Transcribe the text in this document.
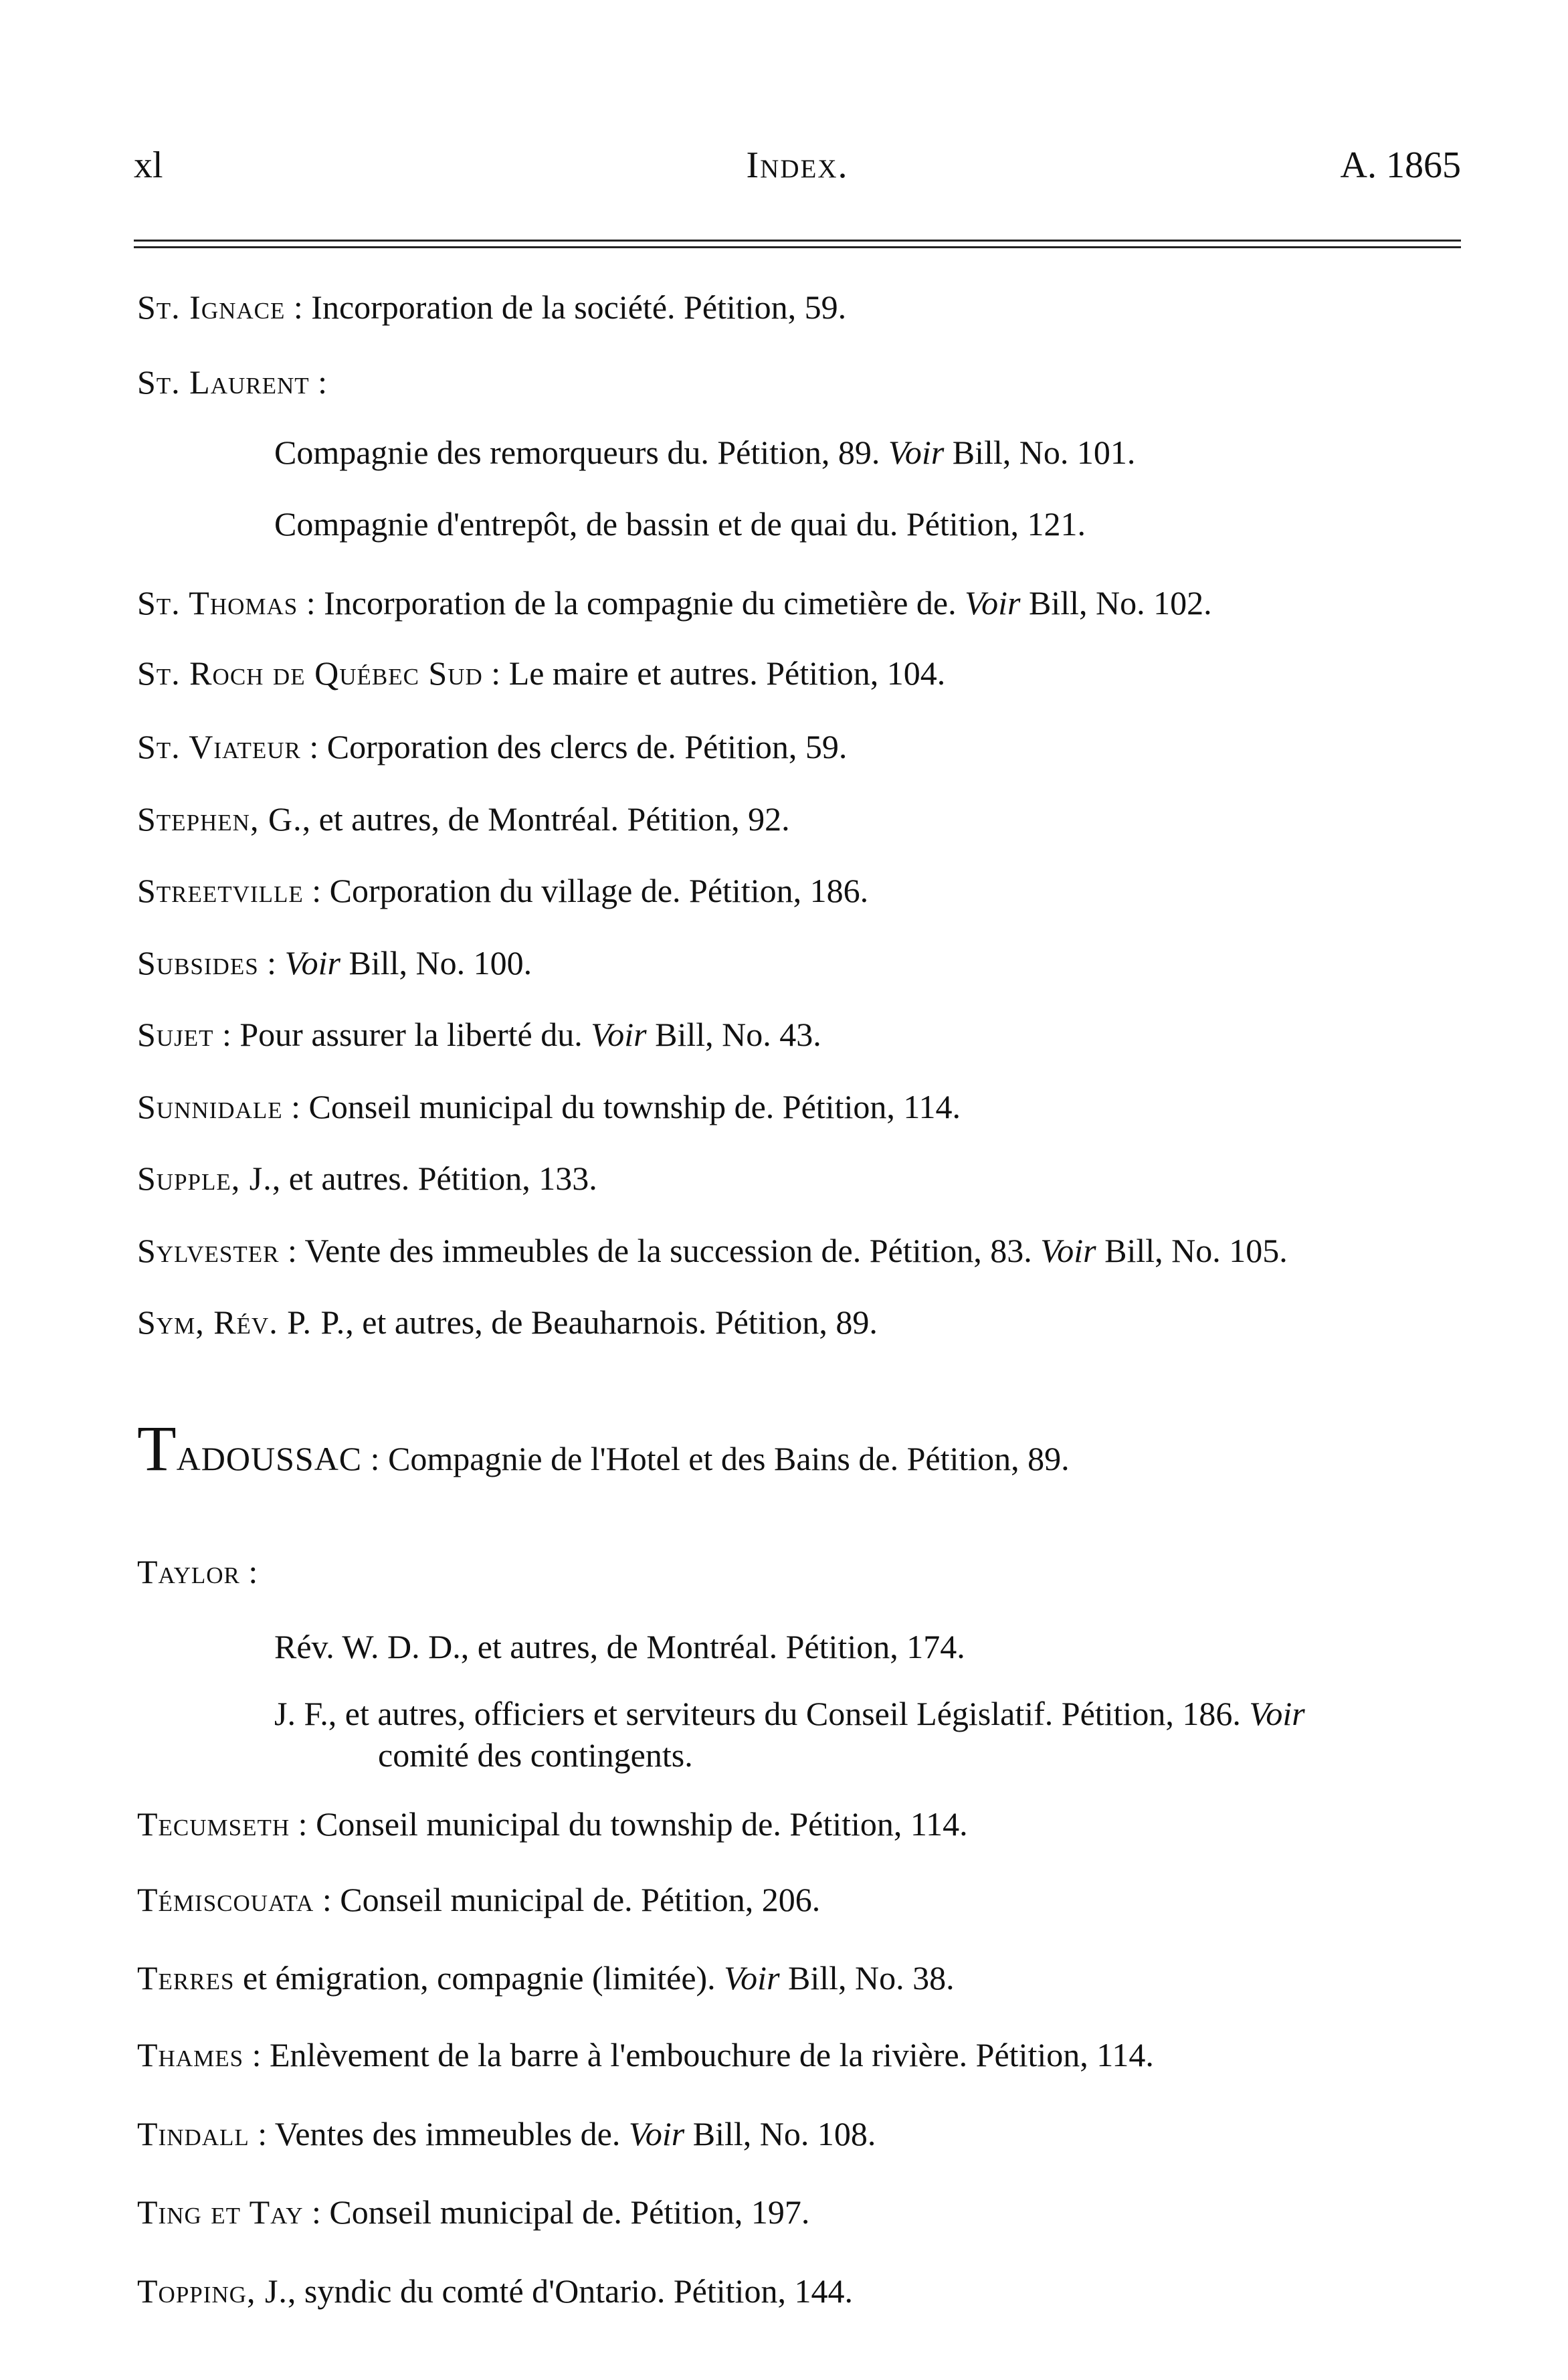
xl	Index.	A. 1865
St. Ignace : Incorporation de la société. Pétition, 59.
St. Laurent :
Compagnie des remorqueurs du. Pétition, 89. Voir Bill, No. 101.
Compagnie d'entrepôt, de bassin et de quai du. Pétition, 121.
St. Thomas : Incorporation de la compagnie du cimetière de. Voir Bill, No. 102.
St. Roch de Québec Sud : Le maire et autres. Pétition, 104.
St. Viateur : Corporation des clercs de. Pétition, 59.
Stephen, G., et autres, de Montréal. Pétition, 92.
Streetville : Corporation du village de. Pétition, 186.
Subsides : Voir Bill, No. 100.
Sujet : Pour assurer la liberté du. Voir Bill, No. 43.
Sunnidale : Conseil municipal du township de. Pétition, 114.
Supple, J., et autres. Pétition, 133.
Sylvester : Vente des immeubles de la succession de. Pétition, 83. Voir Bill, No. 105.
Sym, Rév. P. P., et autres, de Beauharnois. Pétition, 89.
TADOUSSAC : Compagnie de l'Hotel et des Bains de. Pétition, 89.
Taylor :
Rév. W. D. D., et autres, de Montréal. Pétition, 174.
J. F., et autres, officiers et serviteurs du Conseil Législatif. Pétition, 186. Voir
comité des contingents.
Tecumseth : Conseil municipal du township de. Pétition, 114.
Témiscouata : Conseil municipal de. Pétition, 206.
Terres et émigration, compagnie (limitée). Voir Bill, No. 38.
Thames : Enlèvement de la barre à l'embouchure de la rivière. Pétition, 114.
Tindall : Ventes des immeubles de. Voir Bill, No. 108.
Ting et Tay : Conseil municipal de. Pétition, 197.
Topping, J., syndic du comté d'Ontario. Pétition, 144.
